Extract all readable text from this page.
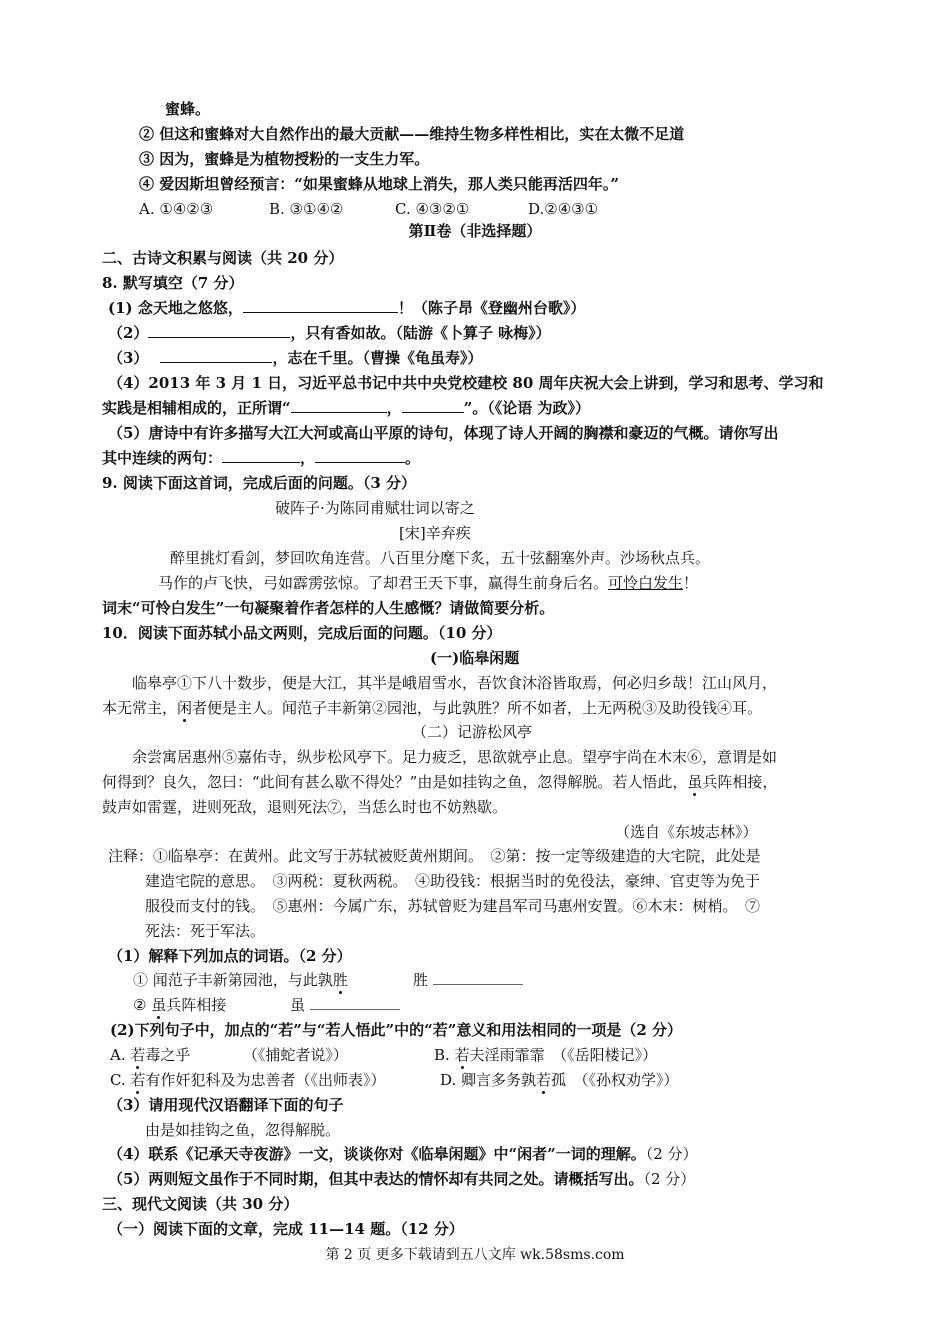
蜜蜂。
② 但这和蜜蜂对大自然作出的最大贡献——维持生物多样性相比，实在太微不足道
③ 因为，蜜蜂是为植物授粉的一支生力军。
④ 爱因斯坦曾经预言：“如果蜜蜂从地球上消失，那人类只能再活四年。”
A. ①④②③	B. ③①④②	C. ④③②①	D.②④③①
第Ⅱ卷（非选择题）
二、古诗文积累与阅读（共 20 分）
8. 默写填空（7 分）
(1) 念天地之悠悠，	！（陈子昂《登幽州台歌》）
（2）	，只有香如故。（陆游《卜算子 咏梅》）
（3）	，志在千里。（曹操《龟虽寿》）
（4）2013 年 3 月 1 日，习近平总书记中共中央党校建校 80 周年庆祝大会上讲到，学习和思考、学习和
实践是相辅相成的，正所谓“	，	”。（《论语 为政》）
（5）唐诗中有许多描写大江大河或高山平原的诗句，体现了诗人开阔的胸襟和豪迈的气概。请你写出
其中连续的两句：	，	。
9. 阅读下面这首词，完成后面的问题。（3 分）
破阵子·为陈同甫赋壮词以寄之
[宋]辛弃疾
醉里挑灯看剑，梦回吹角连营。八百里分麾下炙，五十弦翻塞外声。沙场秋点兵。
马作的卢飞快，弓如霹雳弦惊。了却君王天下事，赢得生前身后名。可怜白发生！
词末“可怜白发生”一句凝聚着作者怎样的人生感慨？请做简要分析。
10．阅读下面苏轼小品文两则，完成后面的问题。（10 分）
(一)临皋闲题
临皋亭①下八十数步，便是大江，其半是峨眉雪水，吾饮食沐浴皆取焉，何必归乡哉！江山风月，
本无常主，闲者便是主人。闻范子丰新第②园池，与此孰胜？所不如者，上无两税③及助役钱④耳。
（二）记游松风亭
余尝寓居惠州⑤嘉佑寺，纵步松风亭下。足力疲乏，思欲就亭止息。望亭宇尚在木末⑥，意谓是如
何得到？良久，忽曰：“此间有甚么歇不得处？”由是如挂钩之鱼，忽得解脱。若人悟此，虽兵阵相接，
鼓声如雷霆，进则死敌，退则死法⑦，当恁么时也不妨熟歇。
（选自《东坡志林》）
注释：①临皋亭：在黄州。此文写于苏轼被贬黄州期间。　②第：按一定等级建造的大宅院，此处是
建造宅院的意思。　③两税：夏秋两税。　④助役钱：根据当时的免役法，豪绅、官吏等为免于
服役而支付的钱。　⑤惠州：今属广东，苏轼曾贬为建昌军司马惠州安置。⑥木末：树梢。　⑦
死法：死于军法。
（1）解释下列加点的词语。（2 分）
① 闻范子丰新第园池，与此孰胜	胜
② 虽兵阵相接	虽
(2)下列句子中，加点的“若”与“若人悟此”中的“若”意义和用法相同的一项是（2 分）
A. 若毒之乎　　　　（《捕蛇者说》）	B. 若夫淫雨霏霏　（《岳阳楼记》）
C. 若有作奸犯科及为忠善者（《出师表》）	D. 卿言多务孰若孤　（《孙权劝学》）
（3）请用现代汉语翻译下面的句子
由是如挂钩之鱼，忽得解脱。
（4）联系《记承天寺夜游》一文，谈谈你对《临皋闲题》中“闲者”一词的理解。（2 分）
（5）两则短文虽作于不同时期，但其中表达的情怀却有共同之处。请概括写出。（2 分）
三、现代文阅读（共 30 分）
（一）阅读下面的文章，完成 11—14 题。（12 分）
第 2 页 更多下载请到五八文库 wk.58sms.com
